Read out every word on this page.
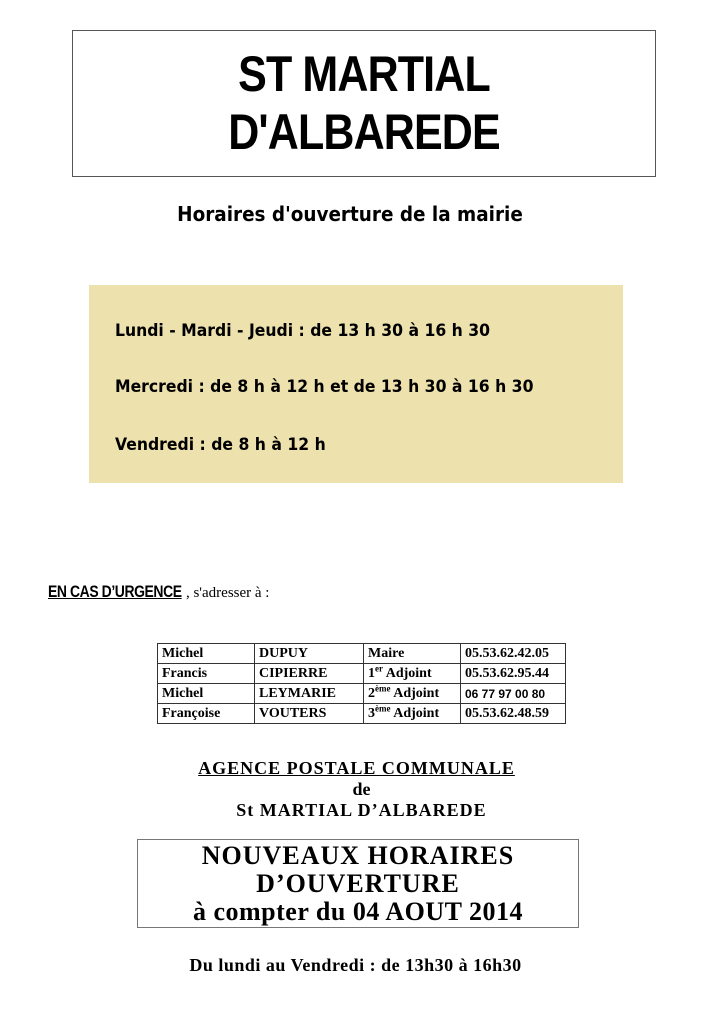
ST MARTIAL
D'ALBAREDE
Horaires d'ouverture de la mairie
Lundi - Mardi - Jeudi : de 13 h 30 à 16 h 30
Mercredi : de 8 h à 12 h et de 13 h 30 à 16 h 30
Vendredi : de 8 h à 12 h
EN CAS D’URGENCE , s'adresser à :
Michel	DUPUY	Maire	05.53.62.42.05
Francis	CIPIERRE	1er Adjoint	05.53.62.95.44
Michel	LEYMARIE	2ème Adjoint	06 77 97 00 80
Françoise	VOUTERS	3ème Adjoint	05.53.62.48.59
AGENCE POSTALE COMMUNALE
de
St MARTIAL D’ALBAREDE
NOUVEAUX HORAIRES
D’OUVERTURE
à compter du 04 AOUT 2014
Du lundi au Vendredi : de 13h30 à 16h30
